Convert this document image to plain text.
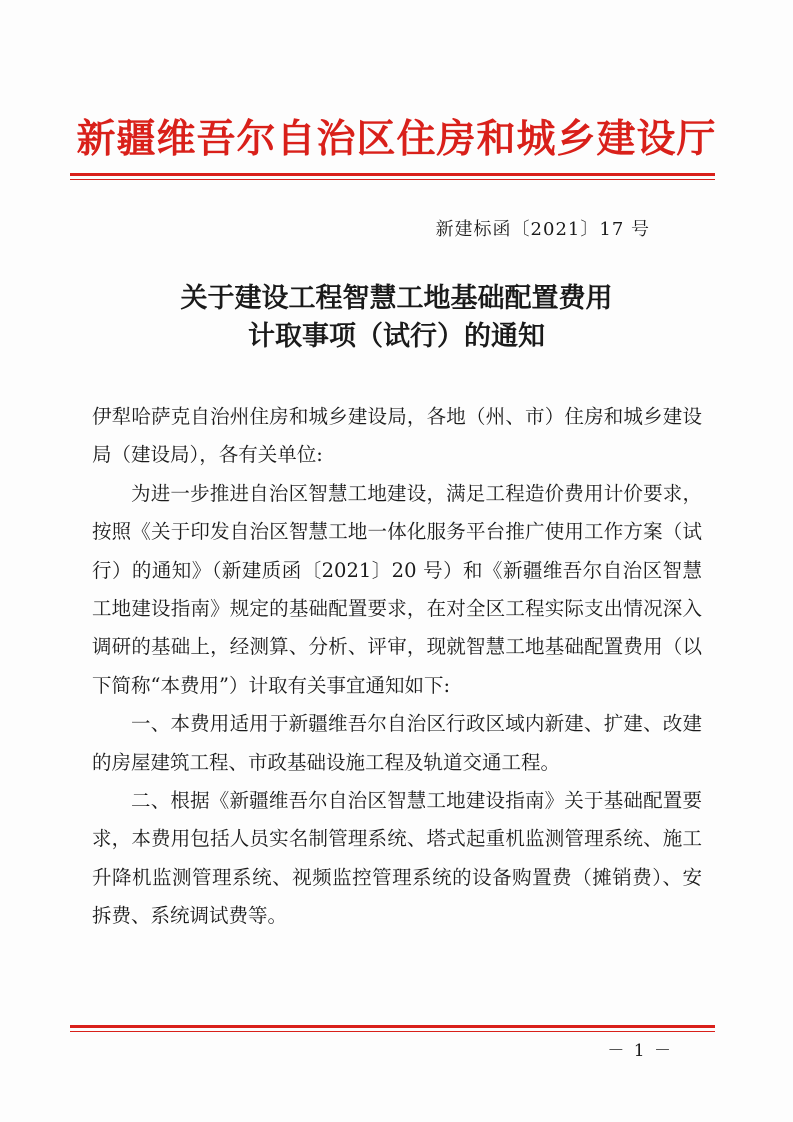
新疆维吾尔自治区住房和城乡建设厅
新建标函〔2021〕17 号
关于建设工程智慧工地基础配置费用
计取事项（试行）的通知

伊犁哈萨克自治州住房和城乡建设局，各地（州、市）住房和城乡建设局（建设局），各有关单位:

为进一步推进自治区智慧工地建设，满足工程造价费用计价要求，按照《关于印发自治区智慧工地一体化服务平台推广使用工作方案（试行）的通知》（新建质函〔2021〕20 号）和《新疆维吾尔自治区智慧工地建设指南》规定的基础配置要求，在对全区工程实际支出情况深入调研的基础上，经测算、分析、评审，现就智慧工地基础配置费用（以下简称“本费用”）计取有关事宜通知如下:

一、本费用适用于新疆维吾尔自治区行政区域内新建、扩建、改建的房屋建筑工程、市政基础设施工程及轨道交通工程。

二、根据《新疆维吾尔自治区智慧工地建设指南》关于基础配置要求，本费用包括人员实名制管理系统、塔式起重机监测管理系统、施工升降机监测管理系统、视频监控管理系统的设备购置费（摊销费）、安拆费、系统调试费等。

－ 1 －
